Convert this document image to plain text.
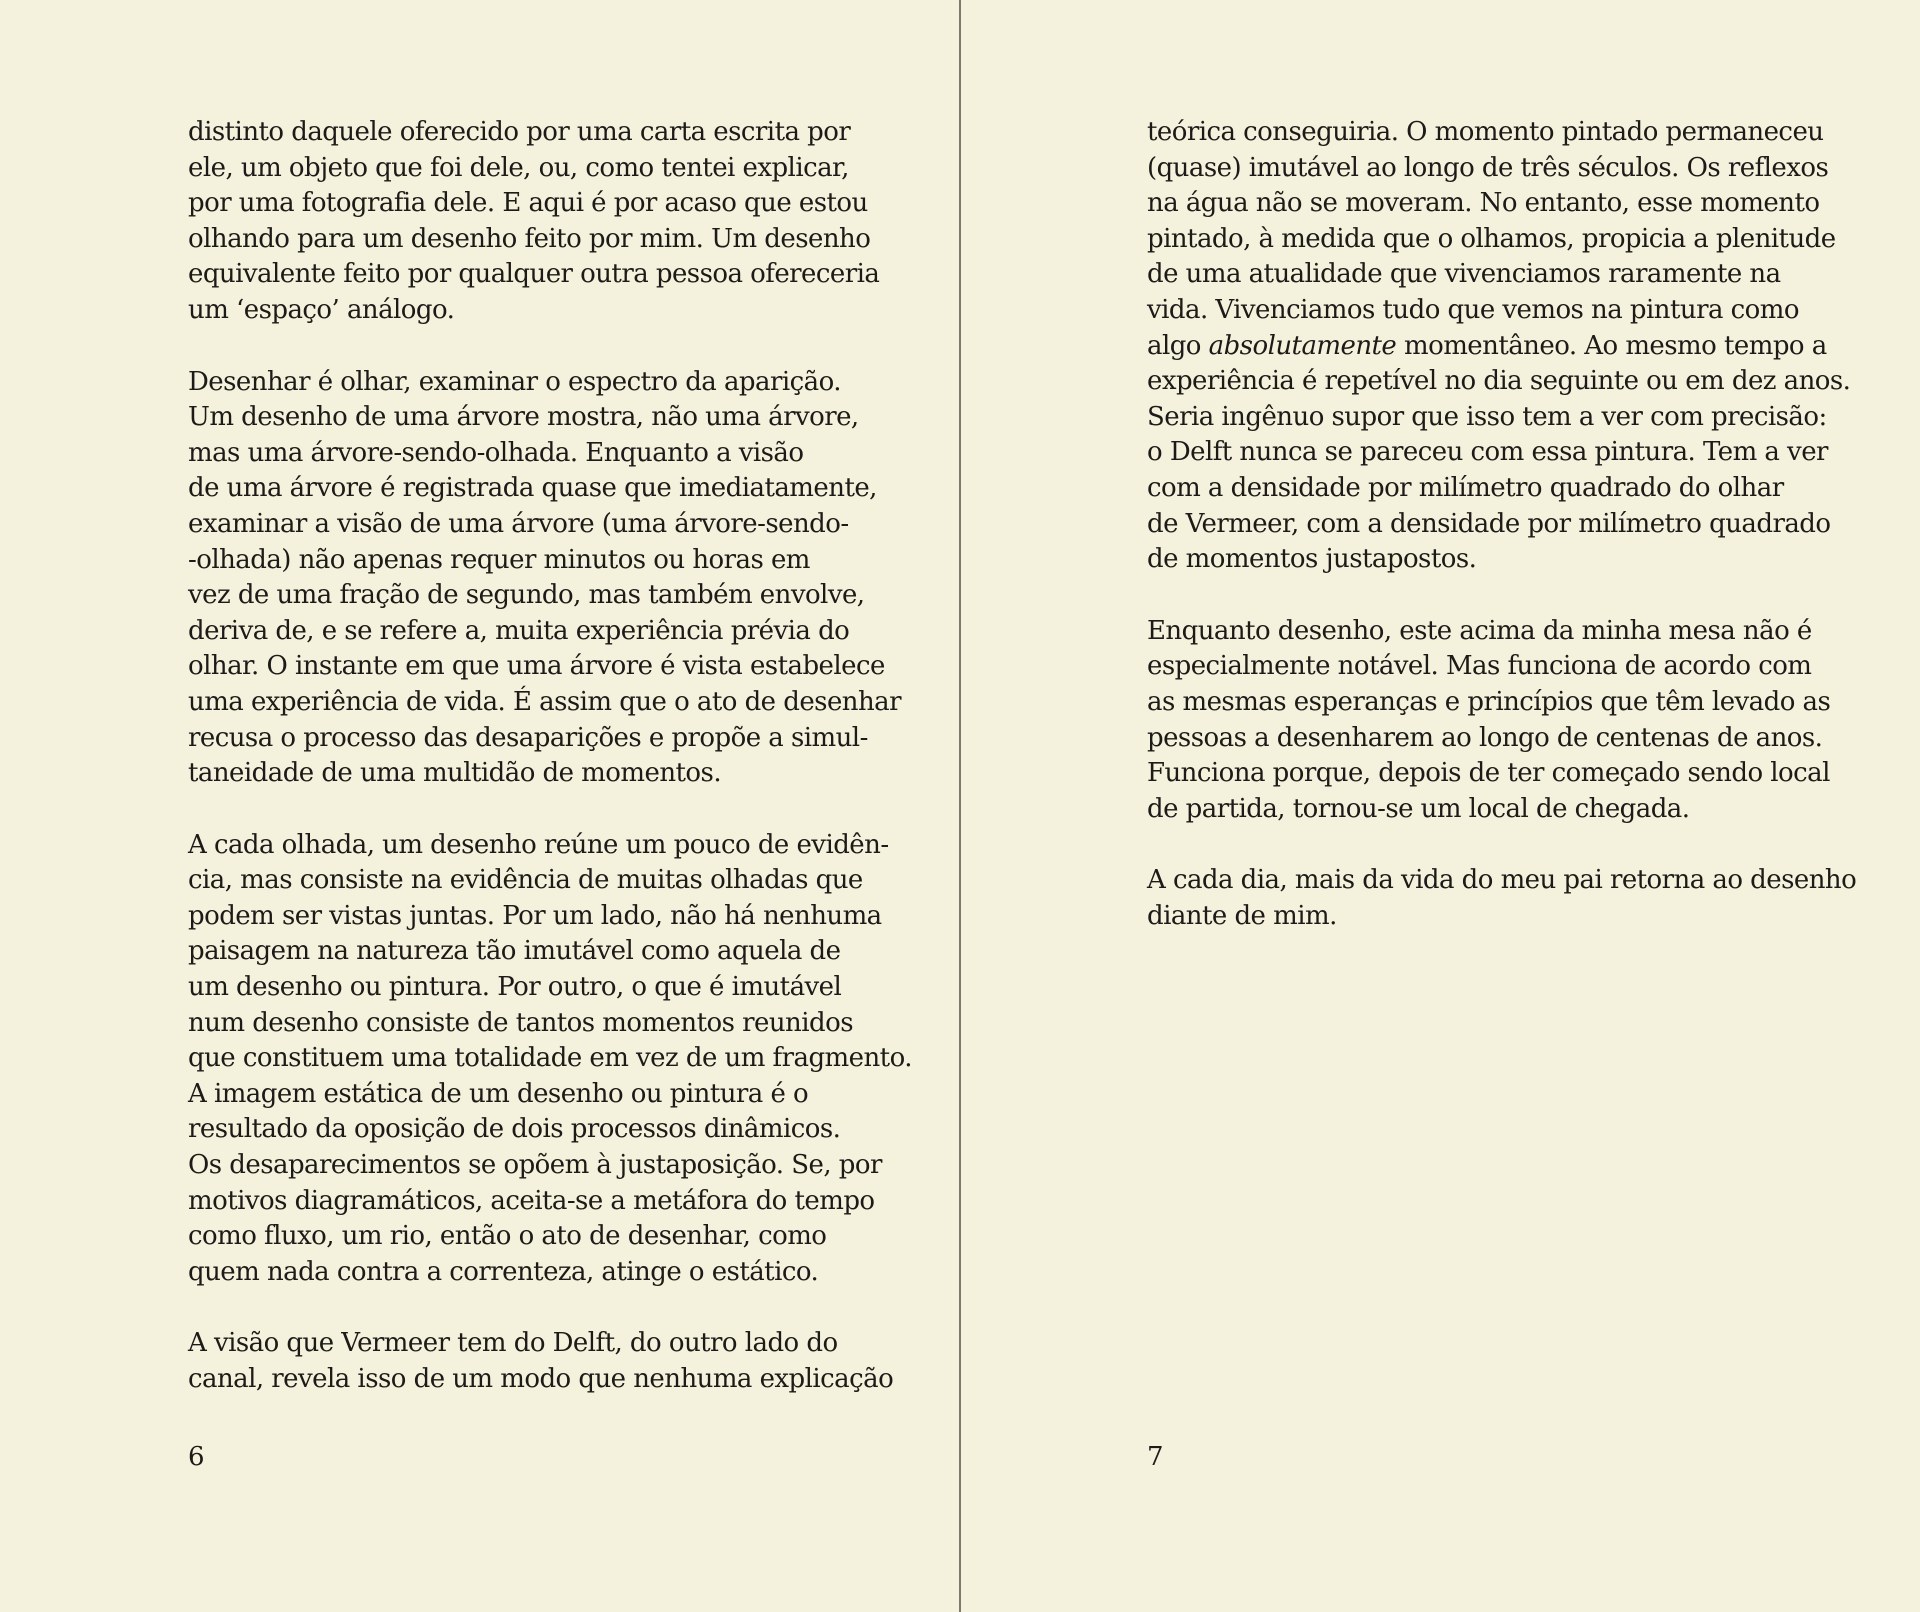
distinto daquele oferecido por uma carta escrita por
ele, um objeto que foi dele, ou, como tentei explicar,
por uma fotografia dele. E aqui é por acaso que estou
olhando para um desenho feito por mim. Um desenho
equivalente feito por qualquer outra pessoa ofereceria
um ‘espaço’ análogo.

Desenhar é olhar, examinar o espectro da aparição.
Um desenho de uma árvore mostra, não uma árvore,
mas uma árvore-sendo-olhada. Enquanto a visão
de uma árvore é registrada quase que imediatamente,
examinar a visão de uma árvore (uma árvore-sendo-
-olhada) não apenas requer minutos ou horas em
vez de uma fração de segundo, mas também envolve,
deriva de, e se refere a, muita experiência prévia do
olhar. O instante em que uma árvore é vista estabelece
uma experiência de vida. É assim que o ato de desenhar
recusa o processo das desaparições e propõe a simul-
taneidade de uma multidão de momentos.

A cada olhada, um desenho reúne um pouco de evidên-
cia, mas consiste na evidência de muitas olhadas que
podem ser vistas juntas. Por um lado, não há nenhuma
paisagem na natureza tão imutável como aquela de
um desenho ou pintura. Por outro, o que é imutável
num desenho consiste de tantos momentos reunidos
que constituem uma totalidade em vez de um fragmento.
A imagem estática de um desenho ou pintura é o
resultado da oposição de dois processos dinâmicos.
Os desaparecimentos se opõem à justaposição. Se, por
motivos diagramáticos, aceita-se a metáfora do tempo
como fluxo, um rio, então o ato de desenhar, como
quem nada contra a correnteza, atinge o estático.

A visão que Vermeer tem do Delft, do outro lado do
canal, revela isso de um modo que nenhuma explicação

6

teórica conseguiria. O momento pintado permaneceu
(quase) imutável ao longo de três séculos. Os reflexos
na água não se moveram. No entanto, esse momento
pintado, à medida que o olhamos, propicia a plenitude
de uma atualidade que vivenciamos raramente na
vida. Vivenciamos tudo que vemos na pintura como
algo absolutamente momentâneo. Ao mesmo tempo a
experiência é repetível no dia seguinte ou em dez anos.
Seria ingênuo supor que isso tem a ver com precisão:
o Delft nunca se pareceu com essa pintura. Tem a ver
com a densidade por milímetro quadrado do olhar
de Vermeer, com a densidade por milímetro quadrado
de momentos justapostos.

Enquanto desenho, este acima da minha mesa não é
especialmente notável. Mas funciona de acordo com
as mesmas esperanças e princípios que têm levado as
pessoas a desenharem ao longo de centenas de anos.
Funciona porque, depois de ter começado sendo local
de partida, tornou-se um local de chegada.

A cada dia, mais da vida do meu pai retorna ao desenho
diante de mim.

7
